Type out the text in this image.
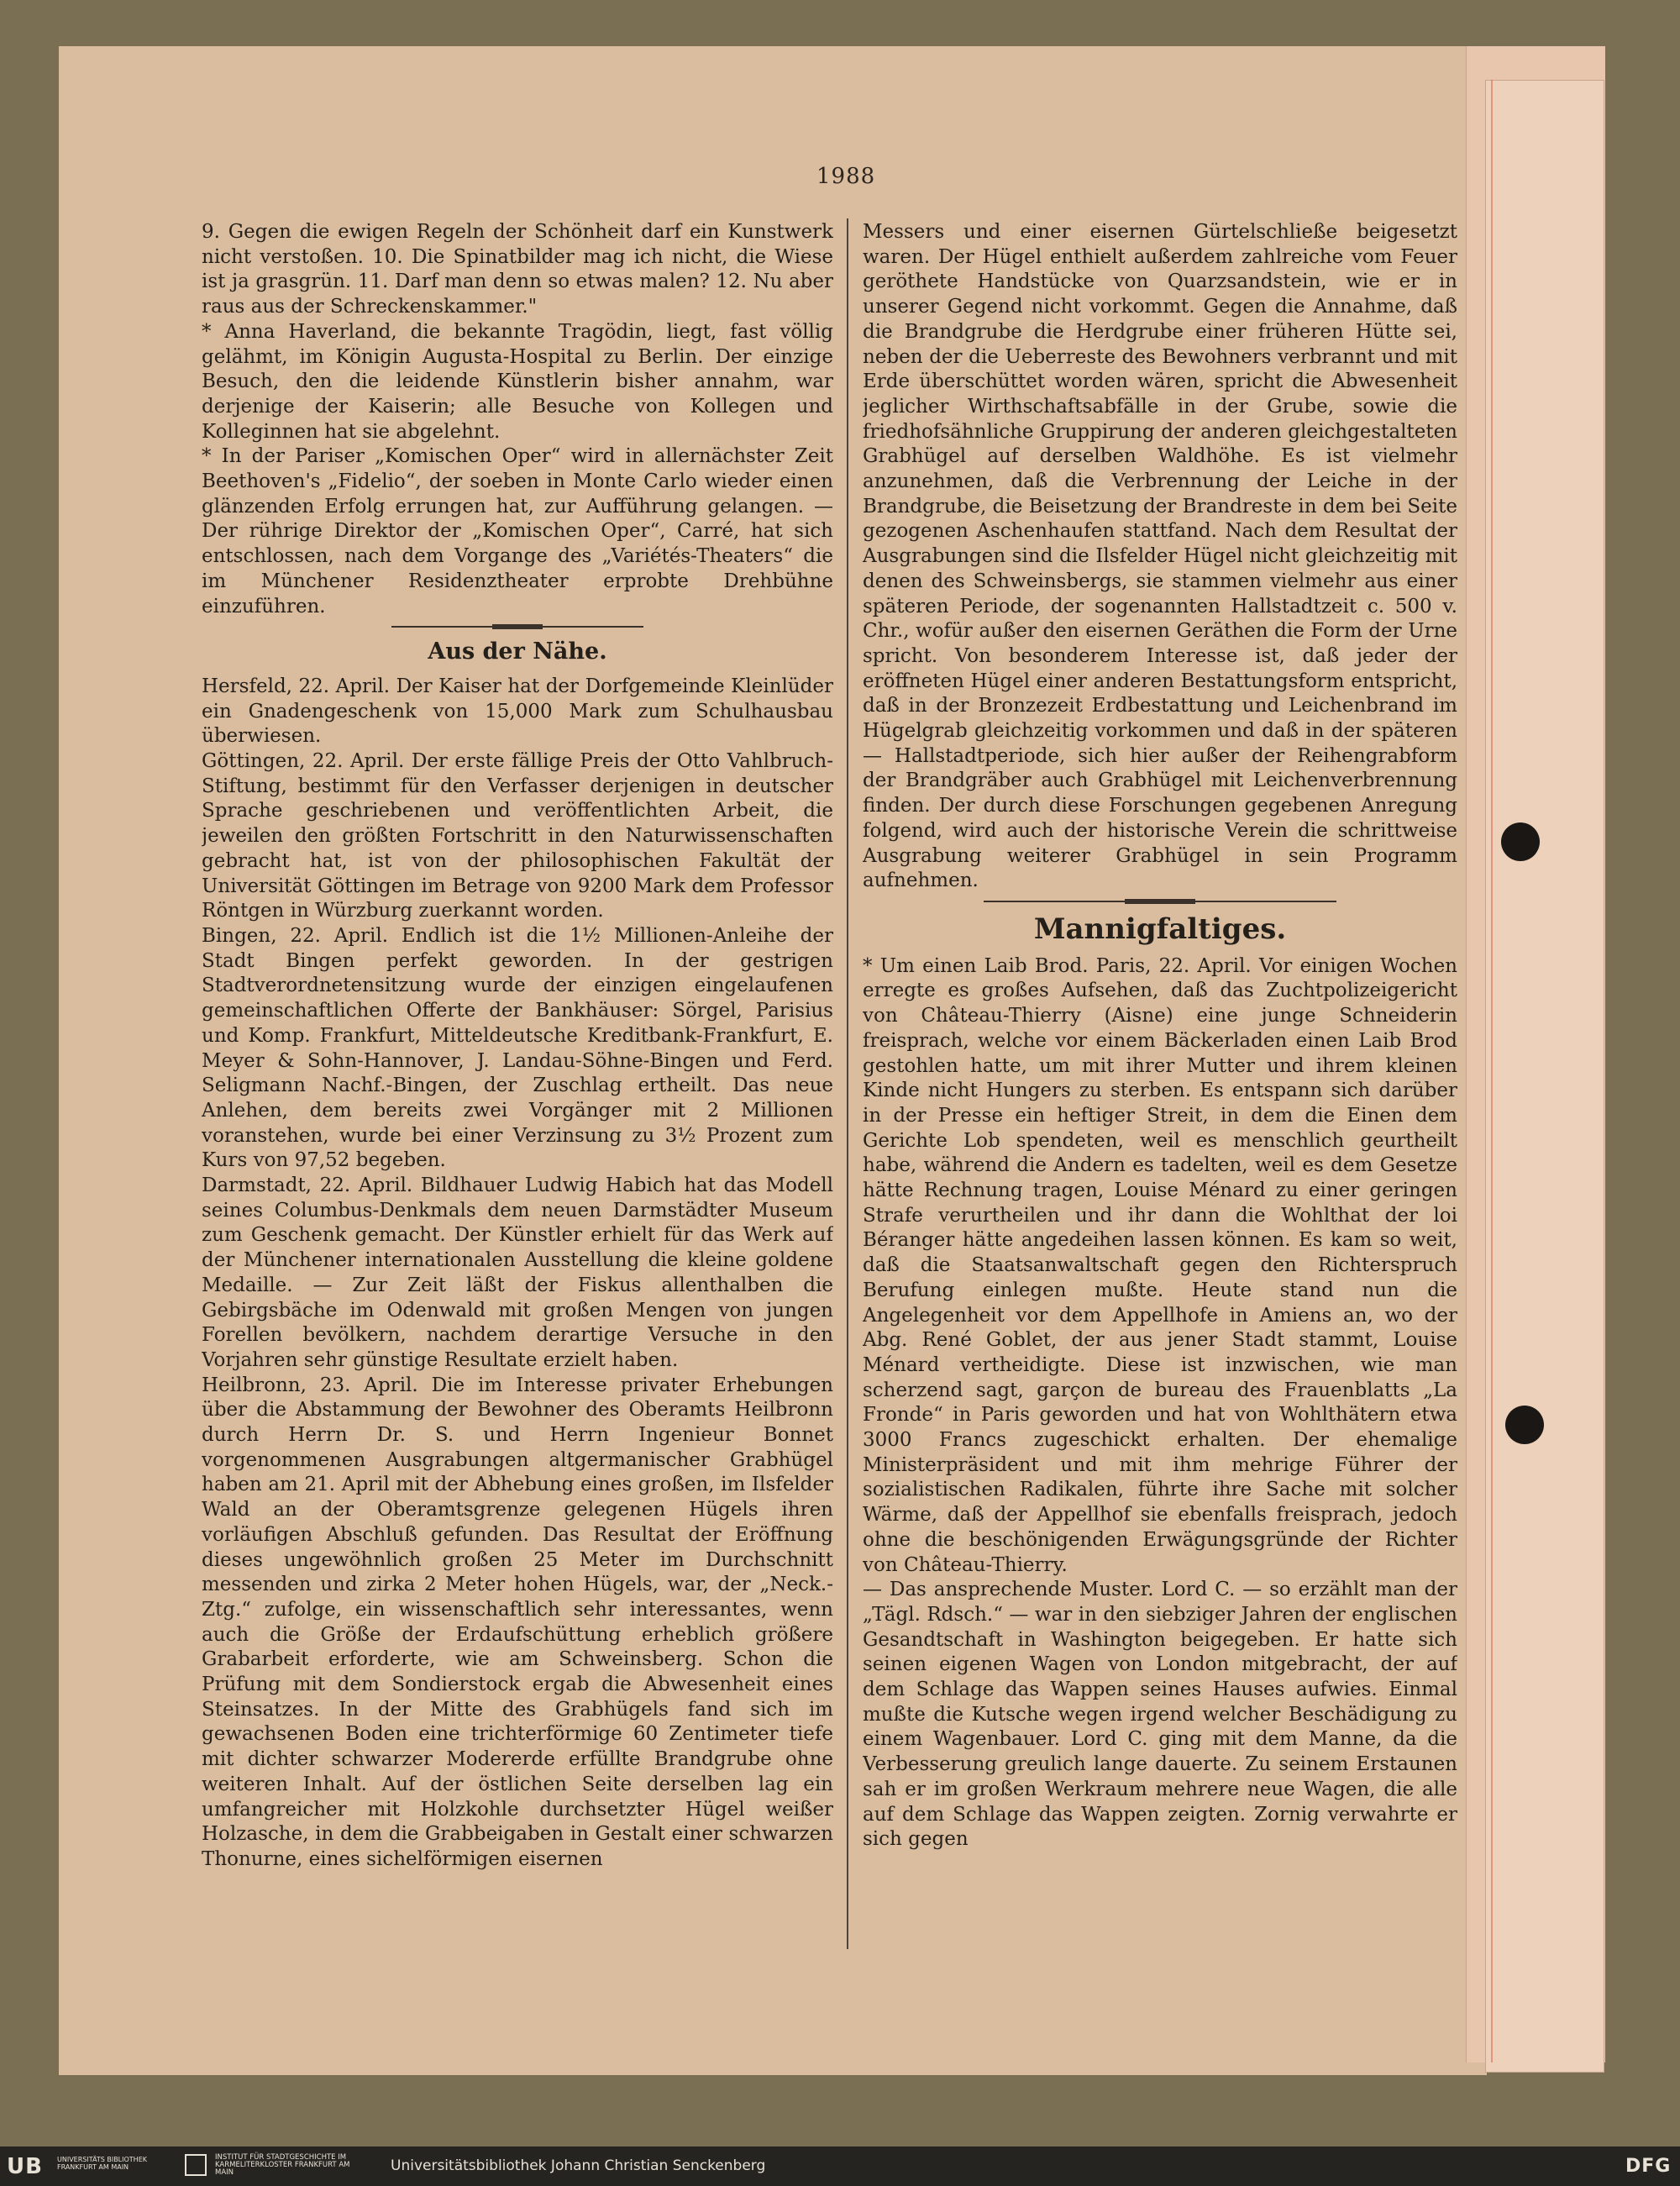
1988

9. Gegen die ewigen Regeln der Schönheit darf ein Kunstwerk nicht verstoßen. 10. Die Spinatbilder mag ich nicht, die Wiese ist ja grasgrün. 11. Darf man denn so etwas malen? 12. Nu aber raus aus der Schreckenskammer."

* Anna Haverland, die bekannte Tragödin, liegt, fast völlig gelähmt, im Königin Augusta-Hospital zu Berlin. Der einzige Besuch, den die leidende Künstlerin bisher annahm, war derjenige der Kaiserin; alle Besuche von Kollegen und Kolleginnen hat sie abgelehnt.

* In der Pariser „Komischen Oper“ wird in allernächster Zeit Beethoven's „Fidelio“, der soeben in Monte Carlo wieder einen glänzenden Erfolg errungen hat, zur Aufführung gelangen. — Der rührige Direktor der „Komischen Oper“, Carré, hat sich entschlossen, nach dem Vorgange des „Variétés-Theaters“ die im Münchener Residenztheater erprobte Drehbühne einzuführen.

Aus der Nähe.

Hersfeld, 22. April. Der Kaiser hat der Dorfgemeinde Kleinlüder ein Gnadengeschenk von 15,000 Mark zum Schulhausbau überwiesen.

Göttingen, 22. April. Der erste fällige Preis der Otto Vahlbruch-Stiftung, bestimmt für den Verfasser derjenigen in deutscher Sprache geschriebenen und veröffentlichten Arbeit, die jeweilen den größten Fortschritt in den Naturwissenschaften gebracht hat, ist von der philosophischen Fakultät der Universität Göttingen im Betrage von 9200 Mark dem Professor Röntgen in Würzburg zuerkannt worden.

Bingen, 22. April. Endlich ist die 1½ Millionen-Anleihe der Stadt Bingen perfekt geworden. In der gestrigen Stadtverordnetensitzung wurde der einzigen eingelaufenen gemeinschaftlichen Offerte der Bankhäuser: Sörgel, Parisius und Komp. Frankfurt, Mitteldeutsche Kreditbank-Frankfurt, E. Meyer & Sohn-Hannover, J. Landau-Söhne-Bingen und Ferd. Seligmann Nachf.-Bingen, der Zuschlag ertheilt. Das neue Anlehen, dem bereits zwei Vorgänger mit 2 Millionen voranstehen, wurde bei einer Verzinsung zu 3½ Prozent zum Kurs von 97,52 begeben.

Darmstadt, 22. April. Bildhauer Ludwig Habich hat das Modell seines Columbus-Denkmals dem neuen Darmstädter Museum zum Geschenk gemacht. Der Künstler erhielt für das Werk auf der Münchener internationalen Ausstellung die kleine goldene Medaille. — Zur Zeit läßt der Fiskus allenthalben die Gebirgsbäche im Odenwald mit großen Mengen von jungen Forellen bevölkern, nachdem derartige Versuche in den Vorjahren sehr günstige Resultate erzielt haben.

Heilbronn, 23. April. Die im Interesse privater Erhebungen über die Abstammung der Bewohner des Oberamts Heilbronn durch Herrn Dr. S. und Herrn Ingenieur Bonnet vorgenommenen Ausgrabungen altgermanischer Grabhügel haben am 21. April mit der Abhebung eines großen, im Ilsfelder Wald an der Oberamtsgrenze gelegenen Hügels ihren vorläufigen Abschluß gefunden. Das Resultat der Eröffnung dieses ungewöhnlich großen 25 Meter im Durchschnitt messenden und zirka 2 Meter hohen Hügels, war, der „Neck.-Ztg.“ zufolge, ein wissenschaftlich sehr interessantes, wenn auch die Größe der Erdaufschüttung erheblich größere Grabarbeit erforderte, wie am Schweinsberg. Schon die Prüfung mit dem Sondierstock ergab die Abwesenheit eines Steinsatzes. In der Mitte des Grabhügels fand sich im gewachsenen Boden eine trichterförmige 60 Zentimeter tiefe mit dichter schwarzer Modererde erfüllte Brandgrube ohne weiteren Inhalt. Auf der östlichen Seite derselben lag ein umfangreicher mit Holzkohle durchsetzter Hügel weißer Holzasche, in dem die Grabbeigaben in Gestalt einer schwarzen Thonurne, eines sichelförmigen eisernen

Messers und einer eisernen Gürtelschließe beigesetzt waren. Der Hügel enthielt außerdem zahlreiche vom Feuer geröthete Handstücke von Quarzsandstein, wie er in unserer Gegend nicht vorkommt. Gegen die Annahme, daß die Brandgrube die Herdgrube einer früheren Hütte sei, neben der die Ueberreste des Bewohners verbrannt und mit Erde überschüttet worden wären, spricht die Abwesenheit jeglicher Wirthschaftsabfälle in der Grube, sowie die friedhofsähnliche Gruppirung der anderen gleichgestalteten Grabhügel auf derselben Waldhöhe. Es ist vielmehr anzunehmen, daß die Verbrennung der Leiche in der Brandgrube, die Beisetzung der Brandreste in dem bei Seite gezogenen Aschenhaufen stattfand. Nach dem Resultat der Ausgrabungen sind die Ilsfelder Hügel nicht gleichzeitig mit denen des Schweinsbergs, sie stammen vielmehr aus einer späteren Periode, der sogenannten Hallstadtzeit c. 500 v. Chr., wofür außer den eisernen Geräthen die Form der Urne spricht. Von besonderem Interesse ist, daß jeder der eröffneten Hügel einer anderen Bestattungsform entspricht, daß in der Bronzezeit Erdbestattung und Leichenbrand im Hügelgrab gleichzeitig vorkommen und daß in der späteren — Hallstadtperiode, sich hier außer der Reihengrabform der Brandgräber auch Grabhügel mit Leichenverbrennung finden. Der durch diese Forschungen gegebenen Anregung folgend, wird auch der historische Verein die schrittweise Ausgrabung weiterer Grabhügel in sein Programm aufnehmen.

Mannigfaltiges.

* Um einen Laib Brod. Paris, 22. April. Vor einigen Wochen erregte es großes Aufsehen, daß das Zuchtpolizeigericht von Château-Thierry (Aisne) eine junge Schneiderin freisprach, welche vor einem Bäckerladen einen Laib Brod gestohlen hatte, um mit ihrer Mutter und ihrem kleinen Kinde nicht Hungers zu sterben. Es entspann sich darüber in der Presse ein heftiger Streit, in dem die Einen dem Gerichte Lob spendeten, weil es menschlich geurtheilt habe, während die Andern es tadelten, weil es dem Gesetze hätte Rechnung tragen, Louise Ménard zu einer geringen Strafe verurtheilen und ihr dann die Wohlthat der loi Béranger hätte angedeihen lassen können. Es kam so weit, daß die Staatsanwaltschaft gegen den Richterspruch Berufung einlegen mußte. Heute stand nun die Angelegenheit vor dem Appellhofe in Amiens an, wo der Abg. René Goblet, der aus jener Stadt stammt, Louise Ménard vertheidigte. Diese ist inzwischen, wie man scherzend sagt, garçon de bureau des Frauenblatts „La Fronde“ in Paris geworden und hat von Wohlthätern etwa 3000 Francs zugeschickt erhalten. Der ehemalige Ministerpräsident und mit ihm mehrige Führer der sozialistischen Radikalen, führte ihre Sache mit solcher Wärme, daß der Appellhof sie ebenfalls freisprach, jedoch ohne die beschönigenden Erwägungsgründe der Richter von Château-Thierry.

— Das ansprechende Muster. Lord C. — so erzählt man der „Tägl. Rdsch.“ — war in den siebziger Jahren der englischen Gesandtschaft in Washington beigegeben. Er hatte sich seinen eigenen Wagen von London mitgebracht, der auf dem Schlage das Wappen seines Hauses aufwies. Einmal mußte die Kutsche wegen irgend welcher Beschädigung zu einem Wagenbauer. Lord C. ging mit dem Manne, da die Verbesserung greulich lange dauerte. Zu seinem Erstaunen sah er im großen Werkraum mehrere neue Wagen, die alle auf dem Schlage das Wappen zeigten. Zornig verwahrte er sich gegen

UB UNIVERSITÄTS BIBLIOTHEK FRANKFURT AM MAIN
INSTITUT FÜR STADTGESCHICHTE IM KARMELITERKLOSTER FRANKFURT AM MAIN	Universitätsbibliothek Johann Christian Senckenberg	DFG
